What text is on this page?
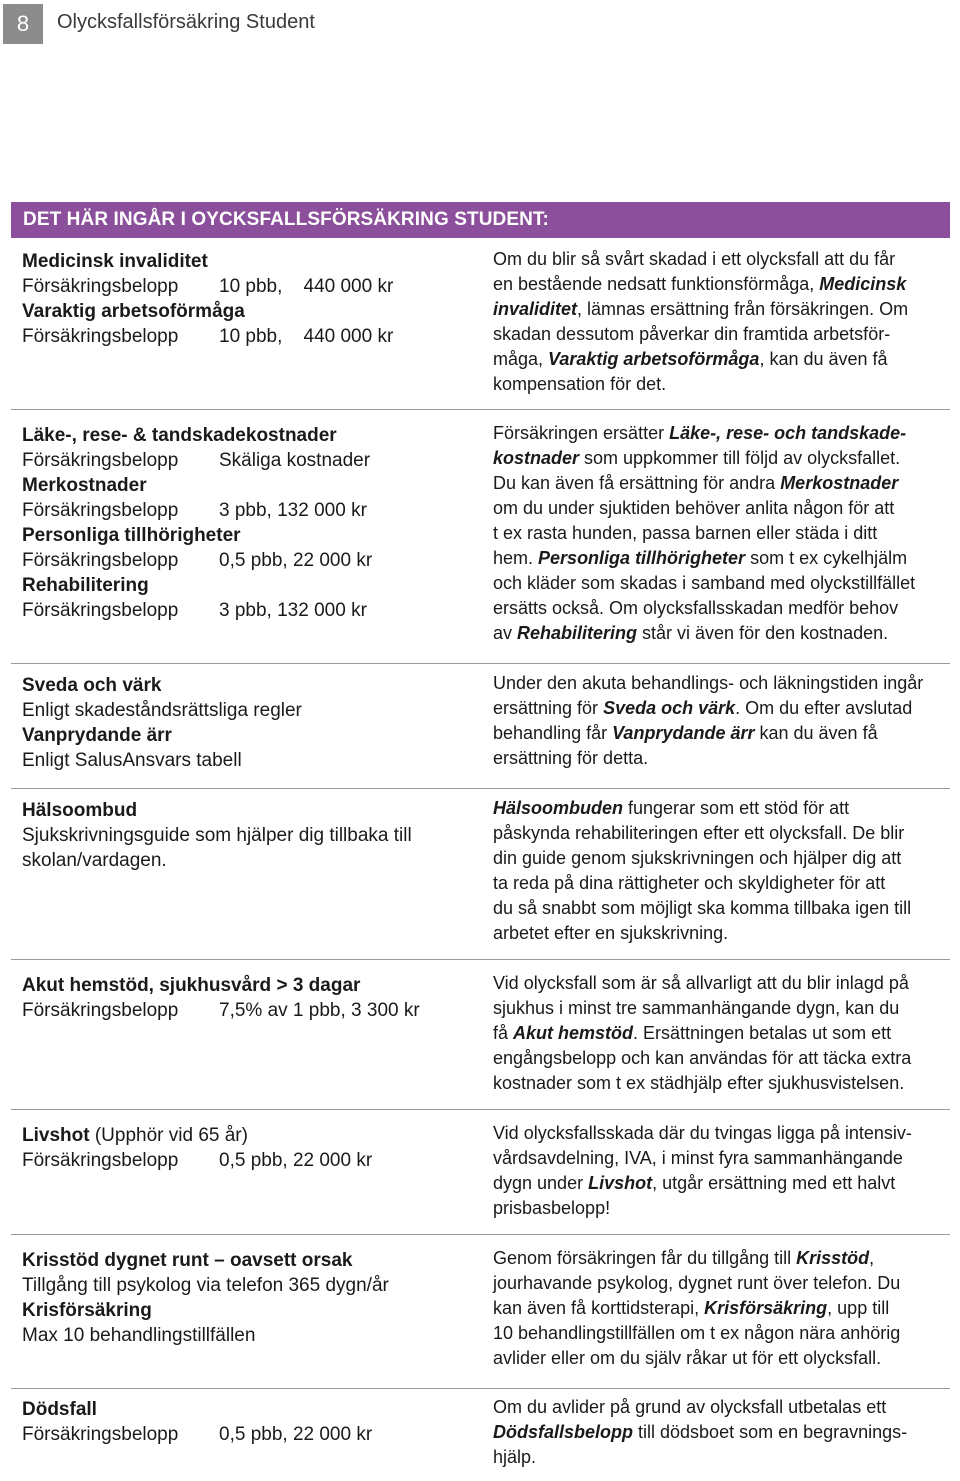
8	Olycksfallsförsäkring Student
DET HÄR INGÅR I OYCKSFALLSFÖRSÄKRING STUDENT:
Medicinsk invaliditet
Försäkringsbelopp	10 pbb,    440 000 kr
Varaktig arbetsoförmåga
Försäkringsbelopp	10 pbb,    440 000 kr
Om du blir så svårt skadad i ett olycksfall att du får
en bestående nedsatt funktionsförmåga, Medicinsk
invaliditet, lämnas ersättning från försäkringen. Om
skadan dessutom påverkar din framtida arbetsför-
måga, Varaktig arbetsoförmåga, kan du även få
kompensation för det.
Läke-, rese- & tandskadekostnader
Försäkringsbelopp	Skäliga kostnader
Merkostnader
Försäkringsbelopp	3 pbb, 132 000 kr
Personliga tillhörigheter
Försäkringsbelopp	0,5 pbb, 22 000 kr
Rehabilitering
Försäkringsbelopp	3 pbb, 132 000 kr
Försäkringen ersätter Läke-, rese- och tandskade-
kostnader som uppkommer till följd av olycksfallet.
Du kan även få ersättning för andra Merkostnader
om du under sjuktiden behöver anlita någon för att
t ex rasta hunden, passa barnen eller städa i ditt
hem. Personliga tillhörigheter som t ex cykelhjälm
och kläder som skadas i samband med olyckstillfället
ersätts också. Om olycksfallsskadan medför behov
av Rehabilitering står vi även för den kostnaden.
Sveda och värk
Enligt skadeståndsrättsliga regler
Vanprydande ärr
Enligt SalusAnsvars tabell
Under den akuta behandlings- och läkningstiden ingår
ersättning för Sveda och värk. Om du efter avslutad
behandling får Vanprydande ärr kan du även få
ersättning för detta.
Hälsoombud
Sjukskrivningsguide som hjälper dig tillbaka till
skolan/vardagen.
Hälsoombuden fungerar som ett stöd för att
påskynda rehabiliteringen efter ett olycksfall. De blir
din guide genom sjukskrivningen och hjälper dig att
ta reda på dina rättigheter och skyldigheter för att
du så snabbt som möjligt ska komma tillbaka igen till
arbetet efter en sjukskrivning.
Akut hemstöd, sjukhusvård > 3 dagar
Försäkringsbelopp	7,5% av 1 pbb, 3 300 kr
Vid olycksfall som är så allvarligt att du blir inlagd på
sjukhus i minst tre sammanhängande dygn, kan du
få Akut hemstöd. Ersättningen betalas ut som ett
engångsbelopp och kan användas för att täcka extra
kostnader som t ex städhjälp efter sjukhusvistelsen.
Livshot (Upphör vid 65 år)
Försäkringsbelopp	0,5 pbb, 22 000 kr
Vid olycksfallsskada där du tvingas ligga på intensiv-
vårdsavdelning, IVA, i minst fyra sammanhängande
dygn under Livshot, utgår ersättning med ett halvt
prisbasbelopp!
Krisstöd dygnet runt – oavsett orsak
Tillgång till psykolog via telefon 365 dygn/år
Krisförsäkring
Max 10 behandlingstillfällen
Genom försäkringen får du tillgång till Krisstöd,
jourhavande psykolog, dygnet runt över telefon. Du
kan även få korttidsterapi, Krisförsäkring, upp till
10 behandlingstillfällen om t ex någon nära anhörig
avlider eller om du själv råkar ut för ett olycksfall.
Dödsfall
Försäkringsbelopp	0,5 pbb, 22 000 kr
Om du avlider på grund av olycksfall utbetalas ett
Dödsfallsbelopp till dödsboet som en begravnings-
hjälp.
